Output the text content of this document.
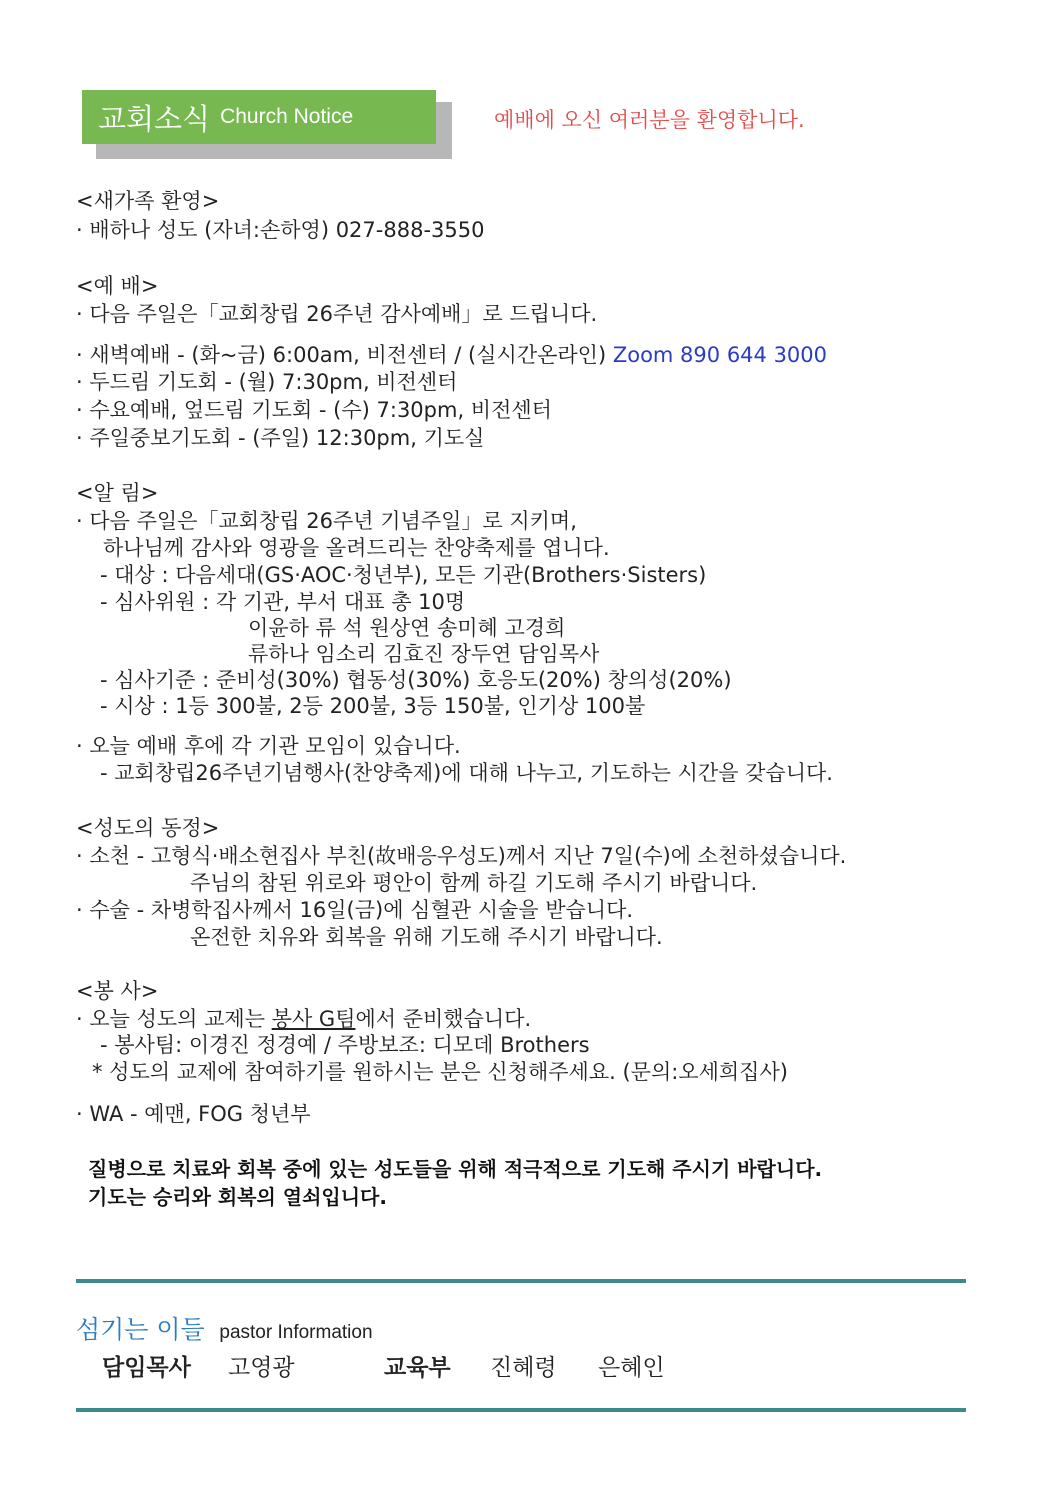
교회소식 Church Notice	예배에 오신 여러분을 환영합니다.
<새가족 환영>
· 배하나 성도 (자녀:손하영) 027-888-3550
<예 배>
· 다음 주일은「교회창립 26주년 감사예배」로 드립니다.
· 새벽예배 - (화~금) 6:00am, 비전센터 / (실시간온라인) Zoom 890 644 3000
· 두드림 기도회 - (월) 7:30pm, 비전센터
· 수요예배, 엎드림 기도회 - (수) 7:30pm, 비전센터
· 주일중보기도회 - (주일) 12:30pm, 기도실
<알 림>
· 다음 주일은「교회창립 26주년 기념주일」로 지키며,
하나님께 감사와 영광을 올려드리는 찬양축제를 엽니다.
- 대상 : 다음세대(GS·AOC·청년부), 모든 기관(Brothers·Sisters)
- 심사위원 : 각 기관, 부서 대표 총 10명
이윤하 류 석 원상연 송미혜 고경희
류하나 임소리 김효진 장두연 담임목사
- 심사기준 : 준비성(30%) 협동성(30%) 호응도(20%) 창의성(20%)
- 시상 : 1등 300불, 2등 200불, 3등 150불, 인기상 100불
· 오늘 예배 후에 각 기관 모임이 있습니다.
- 교회창립26주년기념행사(찬양축제)에 대해 나누고, 기도하는 시간을 갖습니다.
<성도의 동정>
· 소천 - 고형식·배소현집사 부친(故배응우성도)께서 지난 7일(수)에 소천하셨습니다.
주님의 참된 위로와 평안이 함께 하길 기도해 주시기 바랍니다.
· 수술 - 차병학집사께서 16일(금)에 심혈관 시술을 받습니다.
온전한 치유와 회복을 위해 기도해 주시기 바랍니다.
<봉 사>
· 오늘 성도의 교제는 봉사 G팀에서 준비했습니다.
- 봉사팀: 이경진 정경예 / 주방보조: 디모데 Brothers
* 성도의 교제에 참여하기를 원하시는 분은 신청해주세요. (문의:오세희집사)
· WA - 예맨, FOG 청년부
질병으로 치료와 회복 중에 있는 성도들을 위해 적극적으로 기도해 주시기 바랍니다.
기도는 승리와 회복의 열쇠입니다.
섬기는 이들 pastor Information
담임목사 고영광	교육부 진혜령 은혜인
